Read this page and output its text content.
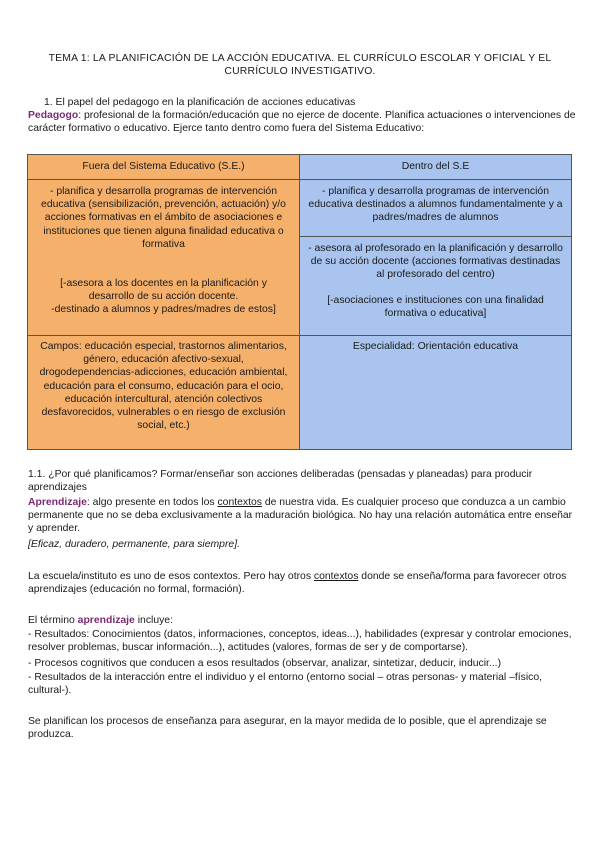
TEMA 1: LA PLANIFICACIÓN DE LA ACCIÓN EDUCATIVA. EL CURRÍCULO ESCOLAR Y OFICIAL Y EL CURRÍCULO INVESTIGATIVO.
1. El papel del pedagogo en la planificación de acciones educativas
Pedagogo: profesional de la formación/educación que no ejerce de docente. Planifica actuaciones o intervenciones de carácter formativo o educativo. Ejerce tanto dentro como fuera del Sistema Educativo:
Fuera del Sistema Educativo (S.E.)	Dentro del S.E

- planifica y desarrolla programas de intervención educativa (sensibilización, prevención, actuación) y/o acciones formativas en el ámbito de asociaciones e instituciones que tienen alguna finalidad educativa o formativa
[-asesora a los docentes en la planificación y desarrollo de su acción docente.
-destinado a alumnos y padres/madres de estos]	- planifica y desarrolla programas de intervención educativa destinados a alumnos fundamentalmente y a padres/madres de alumnos

	- asesora al profesorado en la planificación y desarrollo de su acción docente (acciones formativas destinadas al profesorado del centro)
[-asociaciones e instituciones con una finalidad formativa o educativa]

Campos: educación especial, trastornos alimentarios, género, educación afectivo-sexual, drogodependencias-adicciones, educación ambiental, educación para el consumo, educación para el ocio, educación intercultural, atención colectivos desfavorecidos, vulnerables o en riesgo de exclusión social, etc.)	Especialidad: Orientación educativa
1.1. ¿Por qué planificamos? Formar/enseñar son acciones deliberadas (pensadas y planeadas) para producir aprendizajes
Aprendizaje: algo presente en todos los contextos de nuestra vida. Es cualquier proceso que conduzca a un cambio permanente que no se deba exclusivamente a la maduración biológica. No hay una relación automática entre enseñar y aprender.
[Eficaz, duradero, permanente, para siempre].
La escuela/instituto es uno de esos contextos. Pero hay otros contextos donde se enseña/forma para favorecer otros aprendizajes (educación no formal, formación).
El término aprendizaje incluye:
- Resultados: Conocimientos (datos, informaciones, conceptos, ideas...), habilidades (expresar y controlar emociones, resolver problemas, buscar información...), actitudes (valores, formas de ser y de comportarse).
- Procesos cognitivos que conducen a esos resultados (observar, analizar, sintetizar, deducir, inducir...)
- Resultados de la interacción entre el individuo y el entorno (entorno social – otras personas- y material –físico, cultural-).
Se planifican los procesos de enseñanza para asegurar, en la mayor medida de lo posible, que el aprendizaje se produzca.
